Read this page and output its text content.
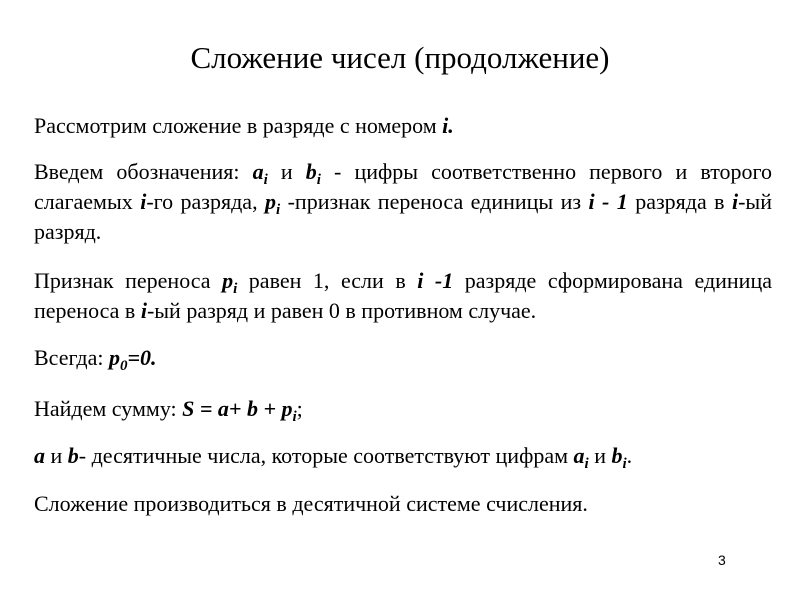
Сложение чисел (продолжение)
Рассмотрим сложение в разряде с номером i.
Введем обозначения: $a_i$ и $b_i$ - цифры соответственно первого и второго слагаемых i-го разряда, $p_i$ -признак переноса единицы из i - 1 разряда в i-ый разряд.
Признак переноса $p_i$ равен 1, если в i -1 разряде сформирована единица переноса в i-ый разряд и равен 0 в противном случае.
Всегда: $p_0=0$.
Найдем сумму: $S = a+ b + p_i$;
a и b- десятичные числа, которые соответствуют цифрам $a_i$ и $b_i$.
Сложение производиться в десятичной системе счисления.
3
